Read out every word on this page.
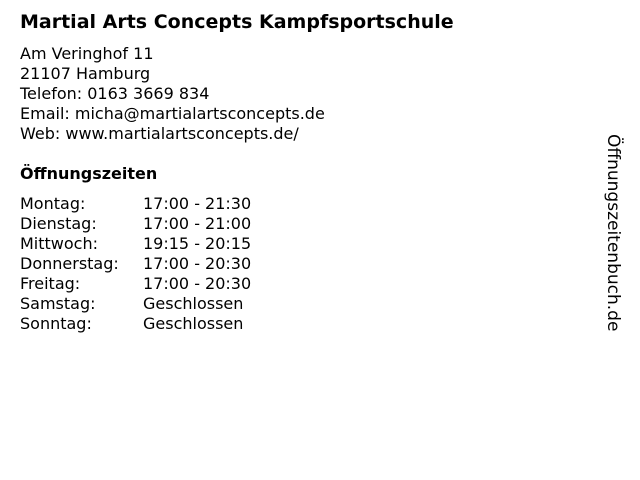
Martial Arts Concepts Kampfsportschule
Am Veringhof 11
21107 Hamburg
Telefon: 0163 3669 834
Email: micha@martialartsconcepts.de
Web: www.martialartsconcepts.de/
Öffnungszeiten
Montag:	17:00 - 21:30
Dienstag:	17:00 - 21:00
Mittwoch:	19:15 - 20:15
Donnerstag:	17:00 - 20:30
Freitag:	17:00 - 20:30
Samstag:	Geschlossen
Sonntag:	Geschlossen	Öffnungszeitenbuch.de
